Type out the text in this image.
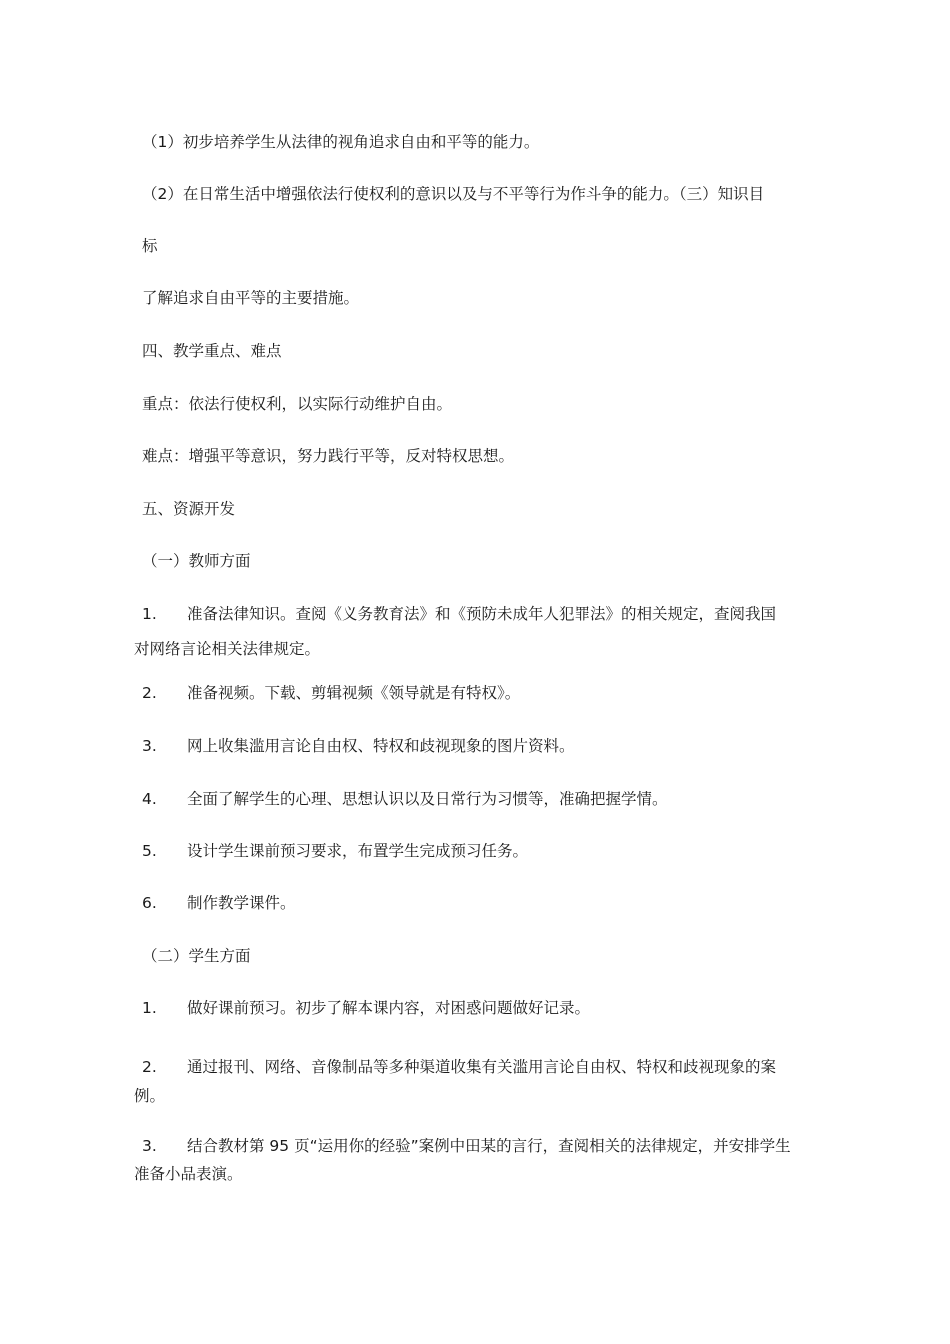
（1）初步培养学生从法律的视角追求自由和平等的能力。
（2）在日常生活中增强依法行使权利的意识以及与不平等行为作斗争的能力。（三）知识目
标
了解追求自由平等的主要措施。
四、教学重点、难点
重点：依法行使权利，以实际行动维护自由。
难点：增强平等意识，努力践行平等，反对特权思想。
五、资源开发
（一）教师方面
1. 准备法律知识。查阅《义务教育法》和《预防未成年人犯罪法》的相关规定，查阅我国
对网络言论相关法律规定。
2. 准备视频。下载、剪辑视频《领导就是有特权》。
3. 网上收集滥用言论自由权、特权和歧视现象的图片资料。
4. 全面了解学生的心理、思想认识以及日常行为习惯等，准确把握学情。
5. 设计学生课前预习要求，布置学生完成预习任务。
6. 制作教学课件。
（二）学生方面
1. 做好课前预习。初步了解本课内容，对困惑问题做好记录。
2. 通过报刊、网络、音像制品等多种渠道收集有关滥用言论自由权、特权和歧视现象的案
例。
3. 结合教材第 95 页“运用你的经验”案例中田某的言行，查阅相关的法律规定，并安排学生
准备小品表演。
